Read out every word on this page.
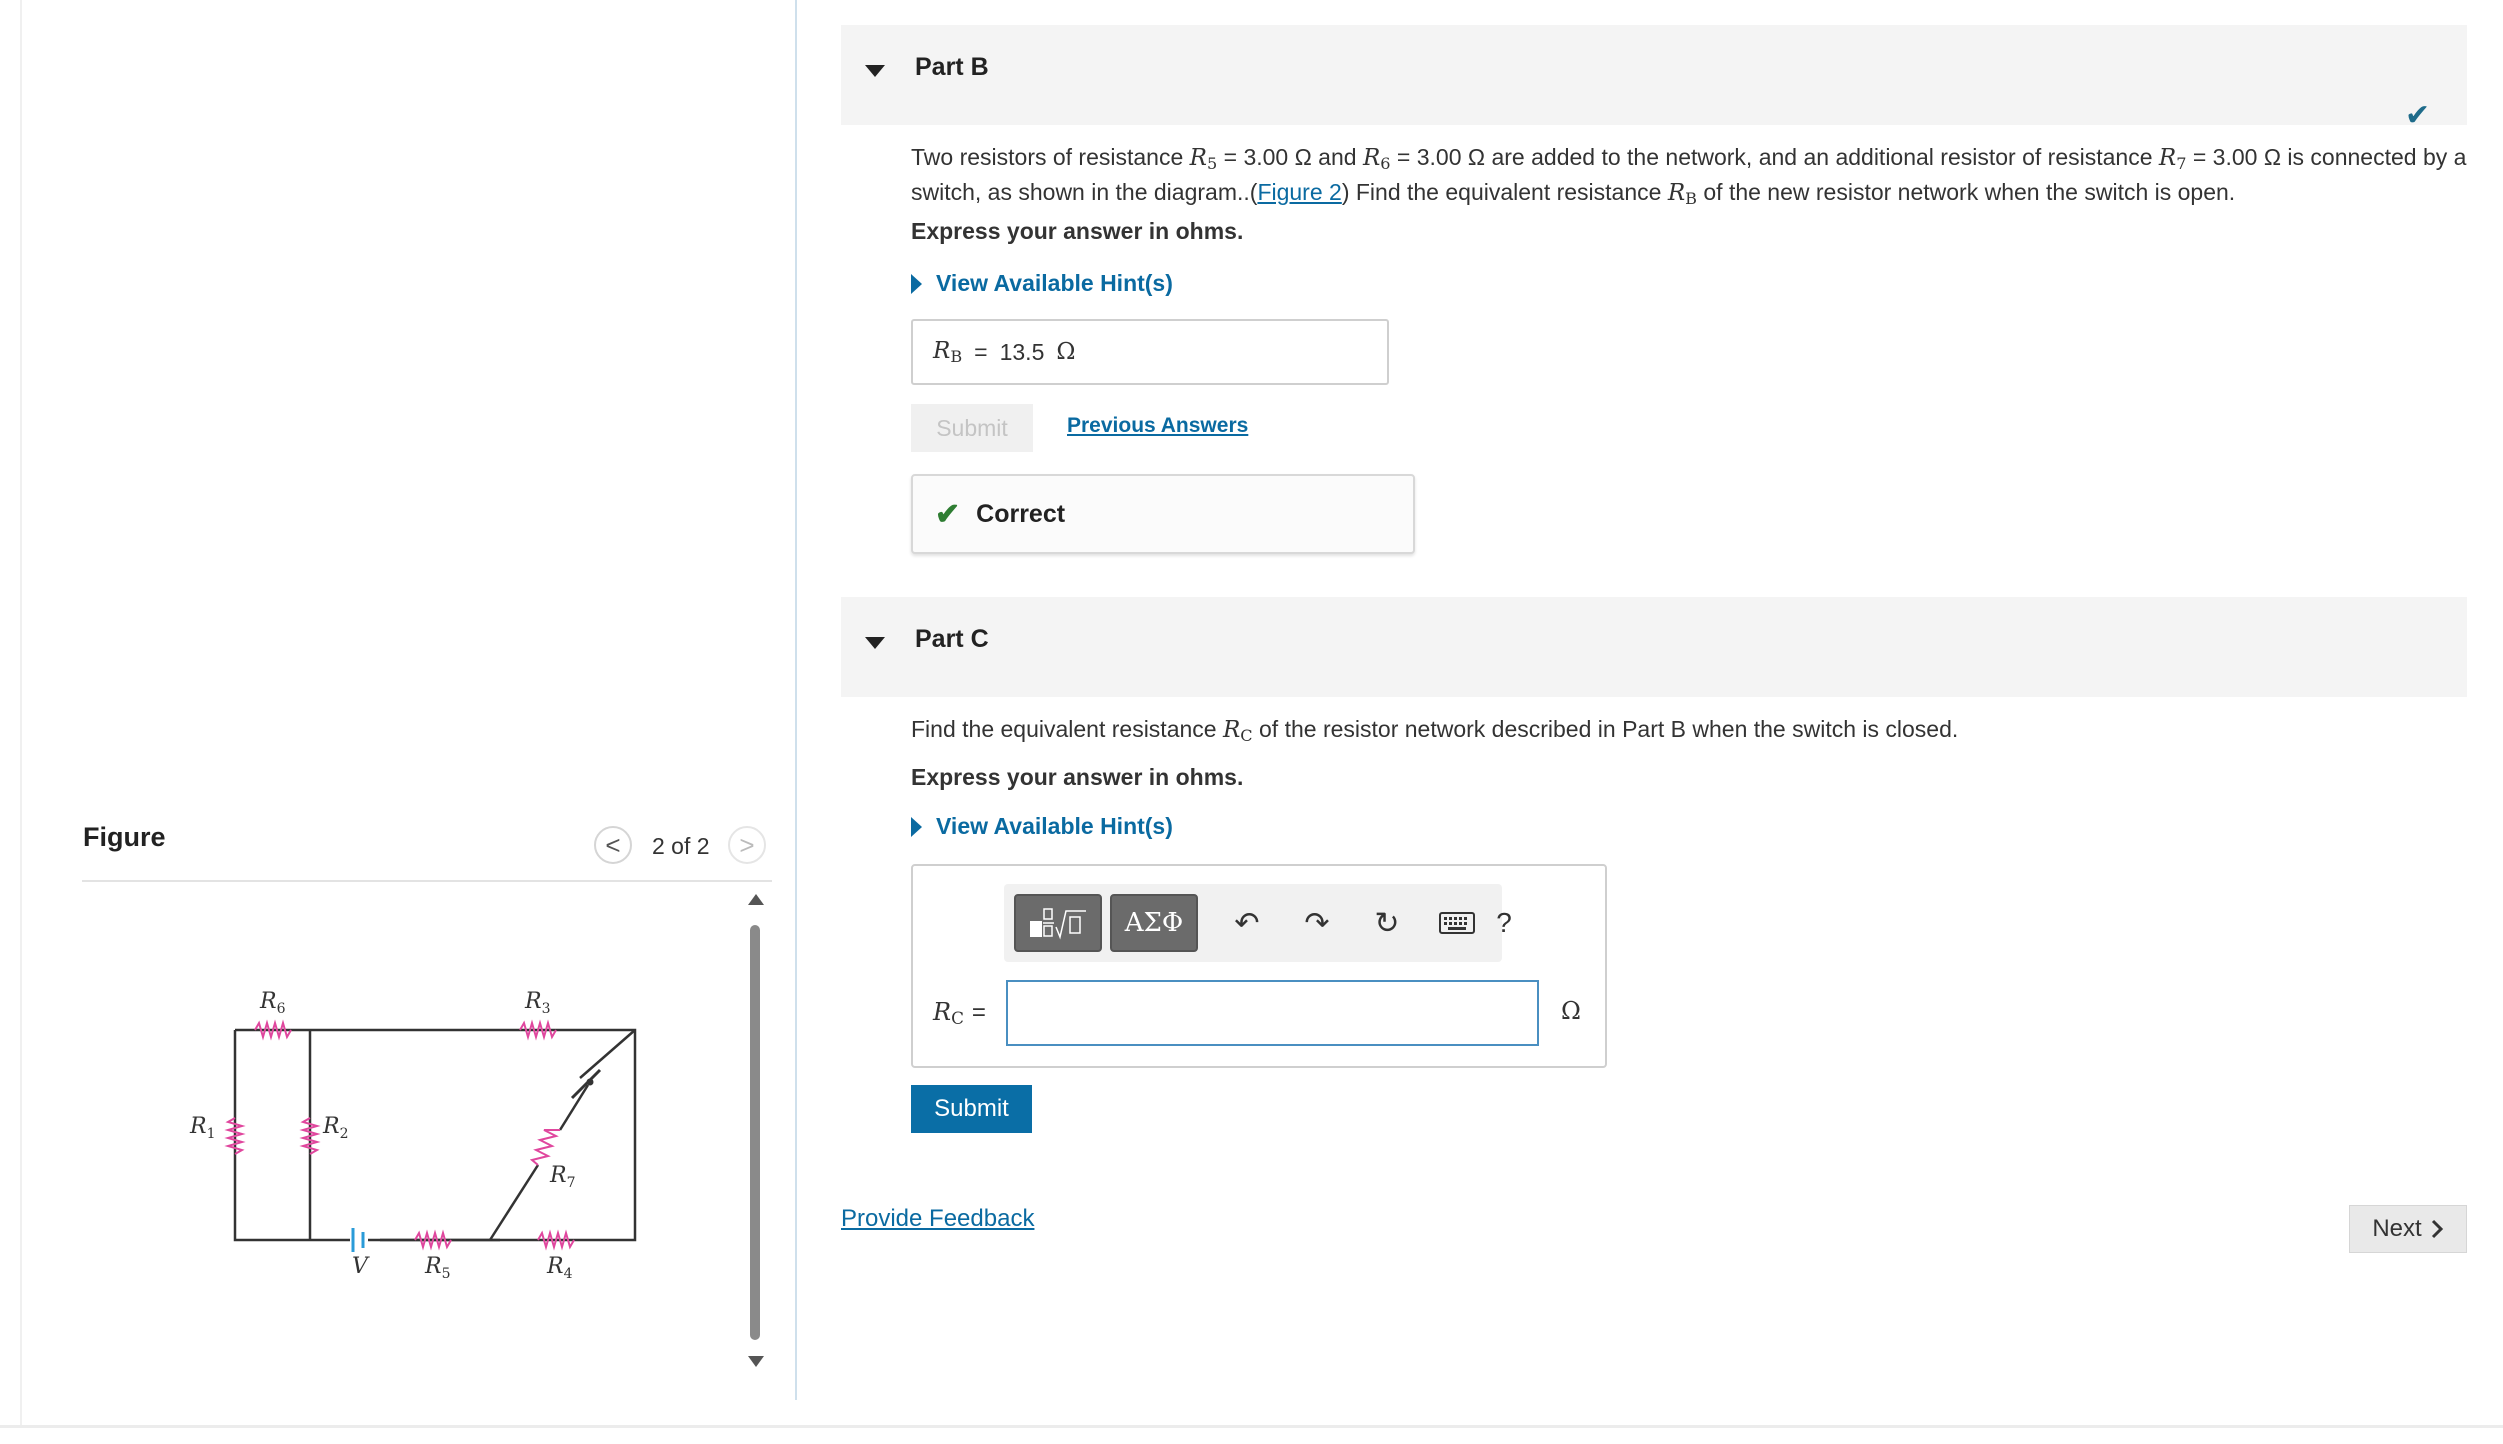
Figure	< 2 of 2 >
$R_6$	$R_3$
$R_1$	$R_2$
$R_7$
V	$R_5$	$R_4$
Part B
✔
Two resistors of resistance $R_5 = 3.00$ Ω and $R_6 = 3.00$ Ω are added to the network, and an additional resistor of resistance $R_7 = 3.00$ Ω is connected by a switch, as shown in the diagram..(Figure 2) Find the equivalent resistance $R_B$ of the new resistor network when the switch is open.
Express your answer in ohms.
View Available Hint(s)
$R_B = 13.5$ Ω
Submit	Previous Answers
✔ Correct
Part C
Find the equivalent resistance $R_C$ of the resistor network described in Part B when the switch is closed.
Express your answer in ohms.
View Available Hint(s)
ΑΣΦ	↶	↷	↻	?
$R_C$ =	Ω
Submit
Provide Feedback	Next
